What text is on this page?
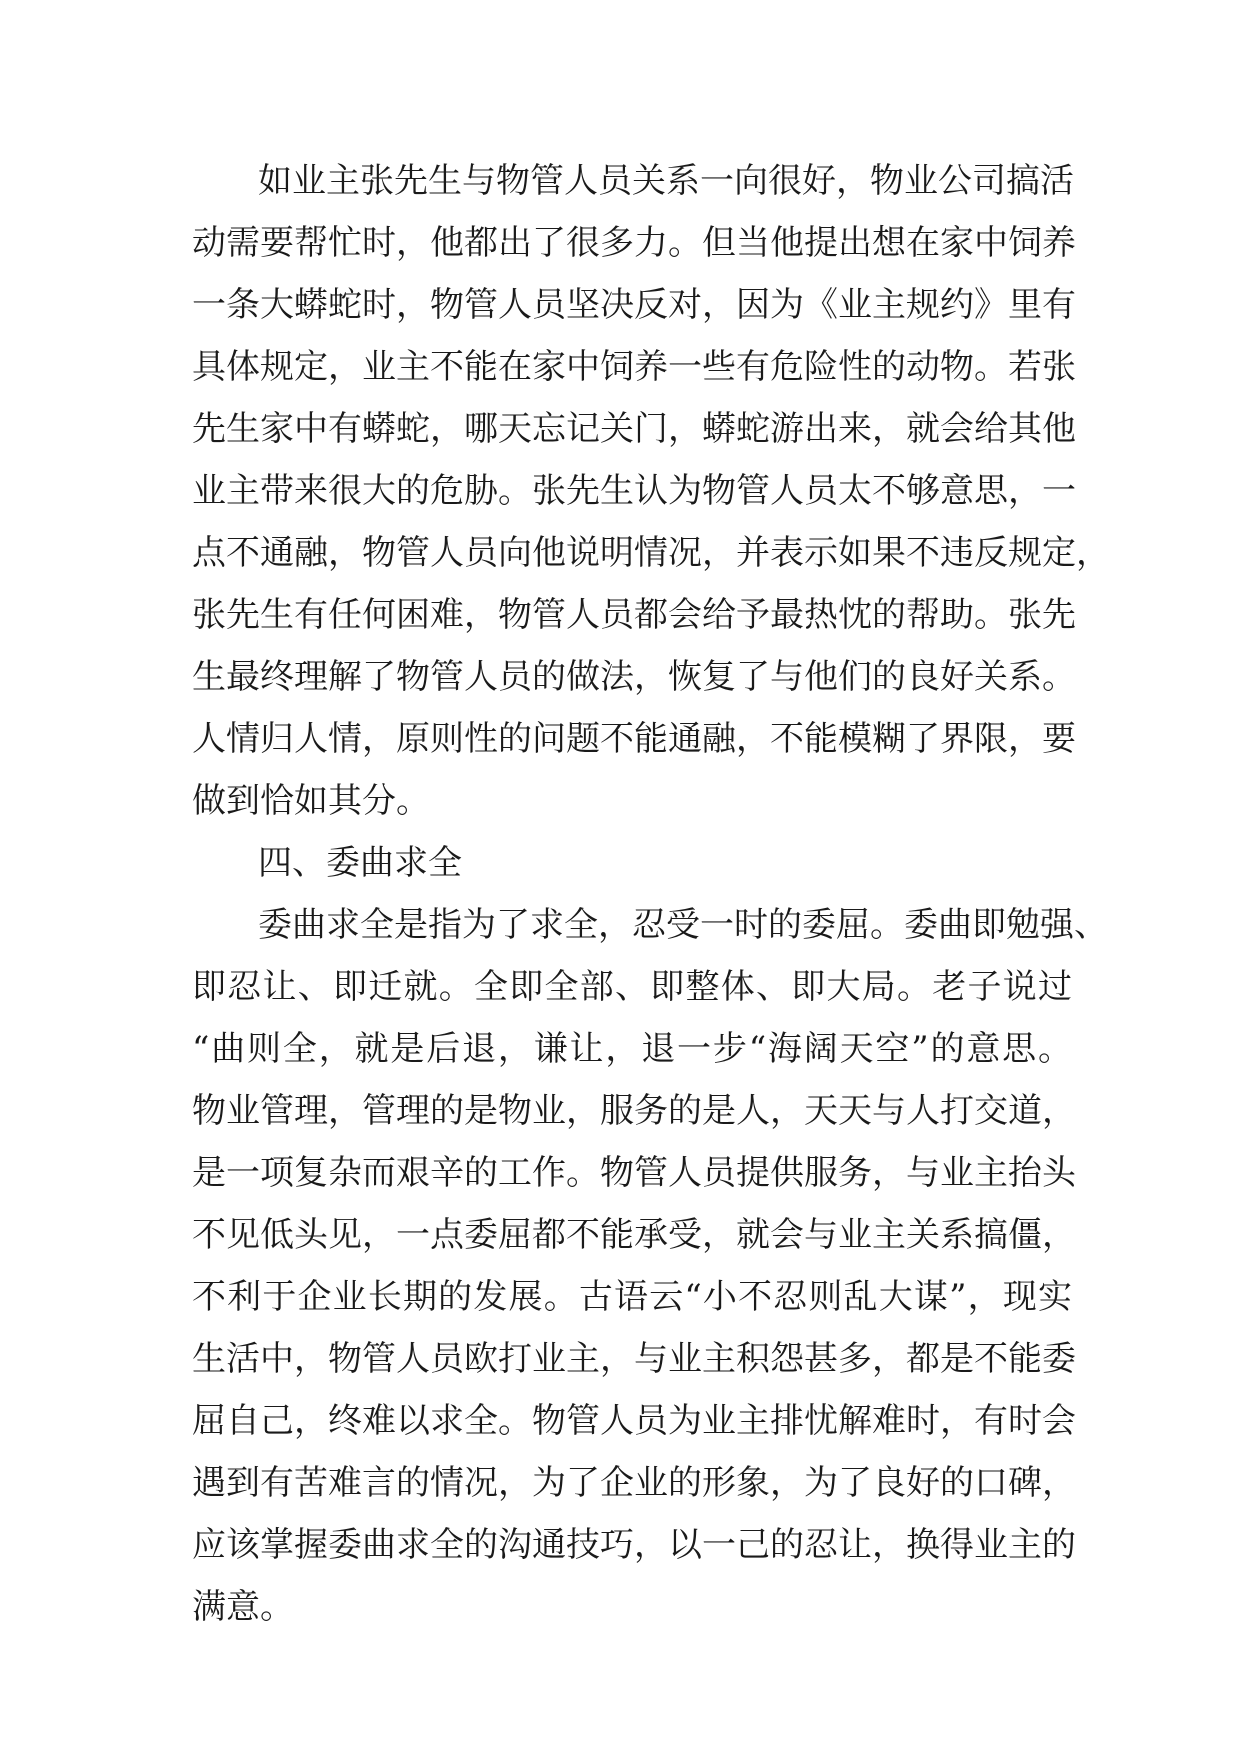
如业主张先生与物管人员关系一向很好，物业公司搞活
动需要帮忙时，他都出了很多力。但当他提出想在家中饲养
一条大蟒蛇时，物管人员坚决反对，因为《业主规约》里有
具体规定，业主不能在家中饲养一些有危险性的动物。若张
先生家中有蟒蛇，哪天忘记关门，蟒蛇游出来，就会给其他
业主带来很大的危胁。张先生认为物管人员太不够意思，一
点不通融，物管人员向他说明情况，并表示如果不违反规定，
张先生有任何困难，物管人员都会给予最热忱的帮助。张先
生最终理解了物管人员的做法，恢复了与他们的良好关系。
人情归人情，原则性的问题不能通融，不能模糊了界限，要
做到恰如其分。
四、委曲求全
委曲求全是指为了求全，忍受一时的委屈。委曲即勉强、
即忍让、即迁就。全即全部、即整体、即大局。老子说过
“曲则全，就是后退，谦让，退一步“海阔天空”的意思。
物业管理，管理的是物业，服务的是人，天天与人打交道，
是一项复杂而艰辛的工作。物管人员提供服务，与业主抬头
不见低头见，一点委屈都不能承受，就会与业主关系搞僵，
不利于企业长期的发展。古语云“小不忍则乱大谋”，现实
生活中，物管人员欧打业主，与业主积怨甚多，都是不能委
屈自己，终难以求全。物管人员为业主排忧解难时，有时会
遇到有苦难言的情况，为了企业的形象，为了良好的口碑，
应该掌握委曲求全的沟通技巧，以一己的忍让，换得业主的
满意。
